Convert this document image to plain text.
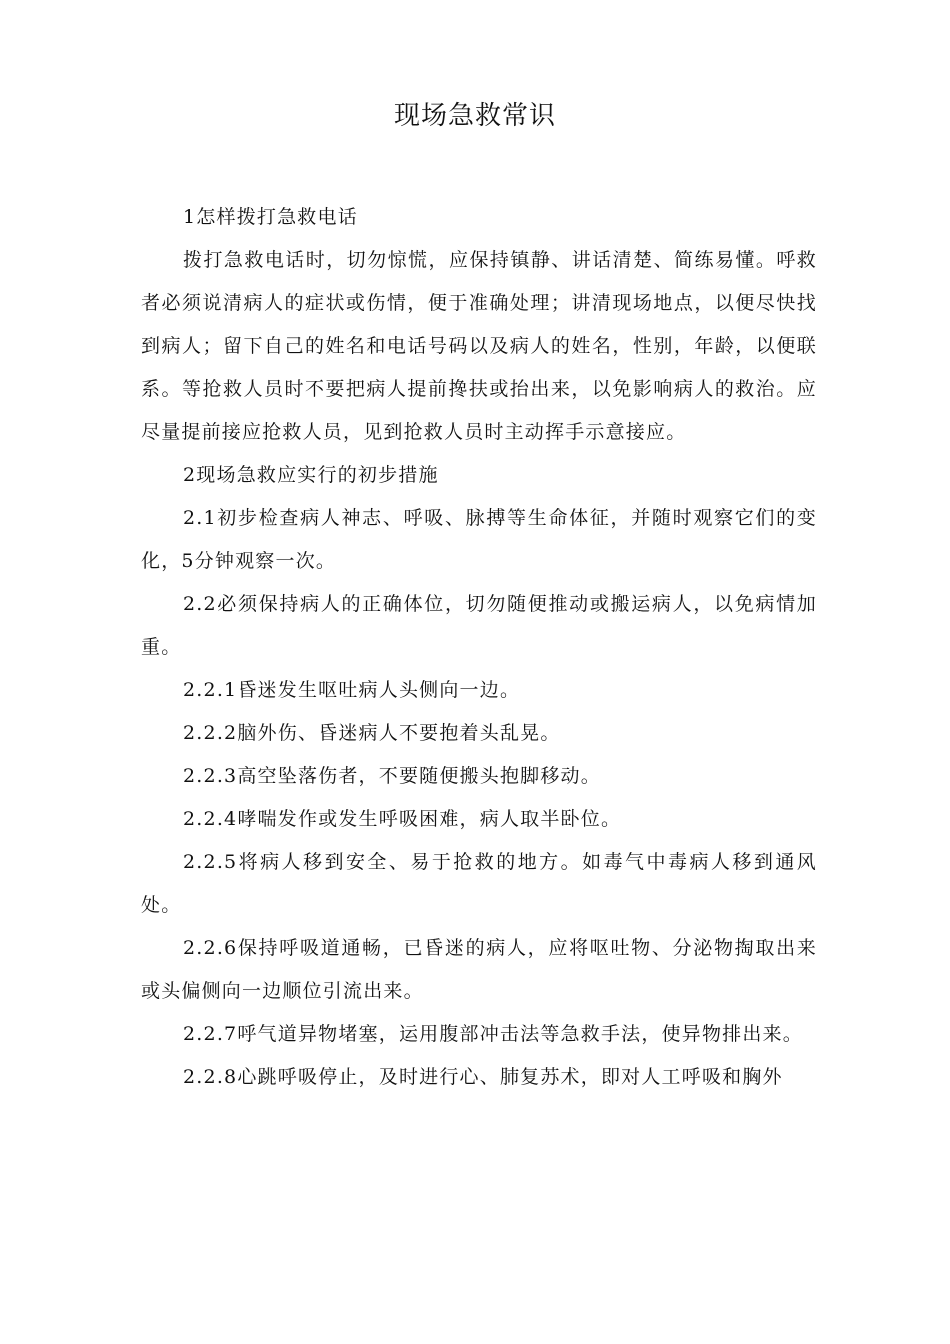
现场急救常识

1怎样拨打急救电话

拨打急救电话时，切勿惊慌，应保持镇静、讲话清楚、简练易懂。呼救者必须说清病人的症状或伤情，便于准确处理；讲清现场地点，以便尽快找到病人；留下自己的姓名和电话号码以及病人的姓名，性别，年龄，以便联系。等抢救人员时不要把病人提前搀扶或抬出来，以免影响病人的救治。应尽量提前接应抢救人员，见到抢救人员时主动挥手示意接应。

2现场急救应实行的初步措施

2.1初步检查病人神志、呼吸、脉搏等生命体征，并随时观察它们的变化，5分钟观察一次。

2.2必须保持病人的正确体位，切勿随便推动或搬运病人，以免病情加重。

2.2.1昏迷发生呕吐病人头侧向一边。

2.2.2脑外伤、昏迷病人不要抱着头乱晃。

2.2.3高空坠落伤者，不要随便搬头抱脚移动。

2.2.4哮喘发作或发生呼吸困难，病人取半卧位。

2.2.5将病人移到安全、易于抢救的地方。如毒气中毒病人移到通风处。

2.2.6保持呼吸道通畅，已昏迷的病人，应将呕吐物、分泌物掏取出来或头偏侧向一边顺位引流出来。

2.2.7呼气道异物堵塞，运用腹部冲击法等急救手法，使异物排出来。

2.2.8心跳呼吸停止，及时进行心、肺复苏术，即对人工呼吸和胸外
